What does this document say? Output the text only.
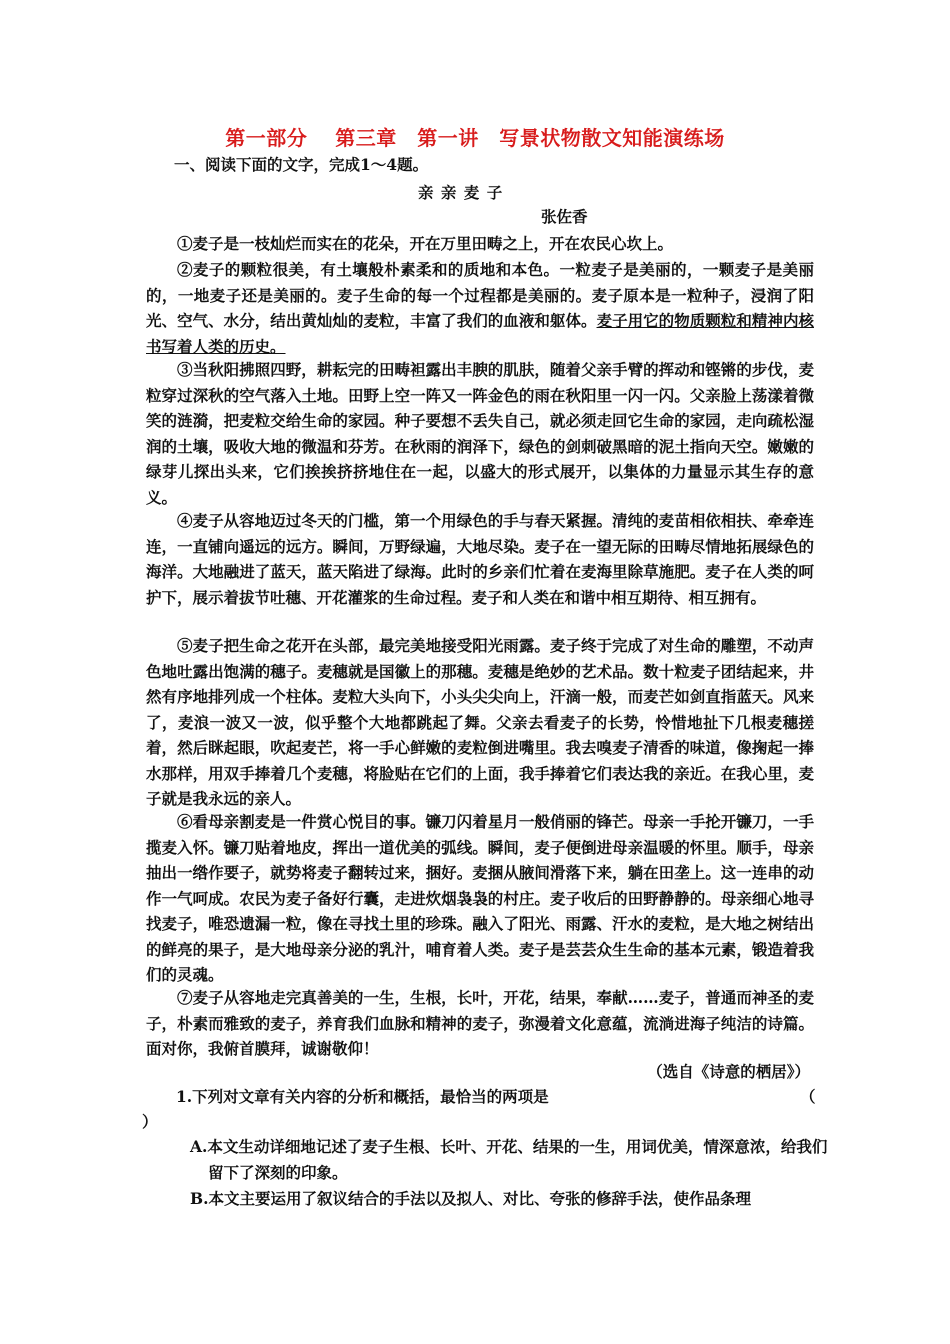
第一部分　 第三章　第一讲　写景状物散文知能演练场
一、阅读下面的文字，完成1～4题。
亲 亲 麦 子
张佐香
①麦子是一枝灿烂而实在的花朵，开在万里田畴之上，开在农民心坎上。
②麦子的颗粒很美，有土壤般朴素柔和的质地和本色。一粒麦子是美丽的，一颗麦子是美丽的，一地麦子还是美丽的。麦子生命的每一个过程都是美丽的。麦子原本是一粒种子，浸润了阳光、空气、水分，结出黄灿灿的麦粒，丰富了我们的血液和躯体。麦子用它的物质颗粒和精神内核书写着人类的历史。
③当秋阳拂照四野，耕耘完的田畴袒露出丰腴的肌肤，随着父亲手臂的挥动和铿锵的步伐，麦粒穿过深秋的空气落入土地。田野上空一阵又一阵金色的雨在秋阳里一闪一闪。父亲脸上荡漾着微笑的涟漪，把麦粒交给生命的家园。种子要想不丢失自己，就必须走回它生命的家园，走向疏松湿润的土壤，吸收大地的微温和芬芳。在秋雨的润泽下，绿色的剑刺破黑暗的泥土指向天空。嫩嫩的绿芽儿探出头来，它们挨挨挤挤地住在一起，以盛大的形式展开，以集体的力量显示其生存的意义。
④麦子从容地迈过冬天的门槛，第一个用绿色的手与春天紧握。清纯的麦苗相依相扶、牵牵连连，一直铺向遥远的远方。瞬间，万野绿遍，大地尽染。麦子在一望无际的田畴尽情地拓展绿色的海洋。大地融进了蓝天，蓝天陷进了绿海。此时的乡亲们忙着在麦海里除草施肥。麦子在人类的呵护下，展示着拔节吐穗、开花灌浆的生命过程。麦子和人类在和谐中相互期待、相互拥有。
⑤麦子把生命之花开在头部，最完美地接受阳光雨露。麦子终于完成了对生命的雕塑，不动声色地吐露出饱满的穗子。麦穗就是国徽上的那穗。麦穗是绝妙的艺术品。数十粒麦子团结起来，井然有序地排列成一个柱体。麦粒大头向下，小头尖尖向上，汗滴一般，而麦芒如剑直指蓝天。风来了，麦浪一波又一波，似乎整个大地都跳起了舞。父亲去看麦子的长势，怜惜地扯下几根麦穗搓着，然后眯起眼，吹起麦芒，将一手心鲜嫩的麦粒倒进嘴里。我去嗅麦子清香的味道，像掬起一捧水那样，用双手捧着几个麦穗，将脸贴在它们的上面，我手捧着它们表达我的亲近。在我心里，麦子就是我永远的亲人。
⑥看母亲割麦是一件赏心悦目的事。镰刀闪着星月一般俏丽的锋芒。母亲一手抡开镰刀，一手揽麦入怀。镰刀贴着地皮，挥出一道优美的弧线。瞬间，麦子便倒进母亲温暖的怀里。顺手，母亲抽出一绺作要子，就势将麦子翻转过来，捆好。麦捆从腋间滑落下来，躺在田垄上。这一连串的动作一气呵成。农民为麦子备好行囊，走进炊烟袅袅的村庄。麦子收后的田野静静的。母亲细心地寻找麦子，唯恐遗漏一粒，像在寻找土里的珍珠。融入了阳光、雨露、汗水的麦粒，是大地之树结出的鲜亮的果子，是大地母亲分泌的乳汁，哺育着人类。麦子是芸芸众生生命的基本元素，锻造着我们的灵魂。
⑦麦子从容地走完真善美的一生，生根，长叶，开花，结果，奉献……麦子，普通而神圣的麦子，朴素而雅致的麦子，养育我们血脉和精神的麦子，弥漫着文化意蕴，流淌进海子纯洁的诗篇。面对你，我俯首膜拜，诚谢敬仰！
（选自《诗意的栖居》）
1.下列对文章有关内容的分析和概括，最恰当的两项是	（
）
A.本文生动详细地记述了麦子生根、长叶、开花、结果的一生，用词优美，情深意浓，给我们留下了深刻的印象。
B.本文主要运用了叙议结合的手法以及拟人、对比、夸张的修辞手法，使作品条理
